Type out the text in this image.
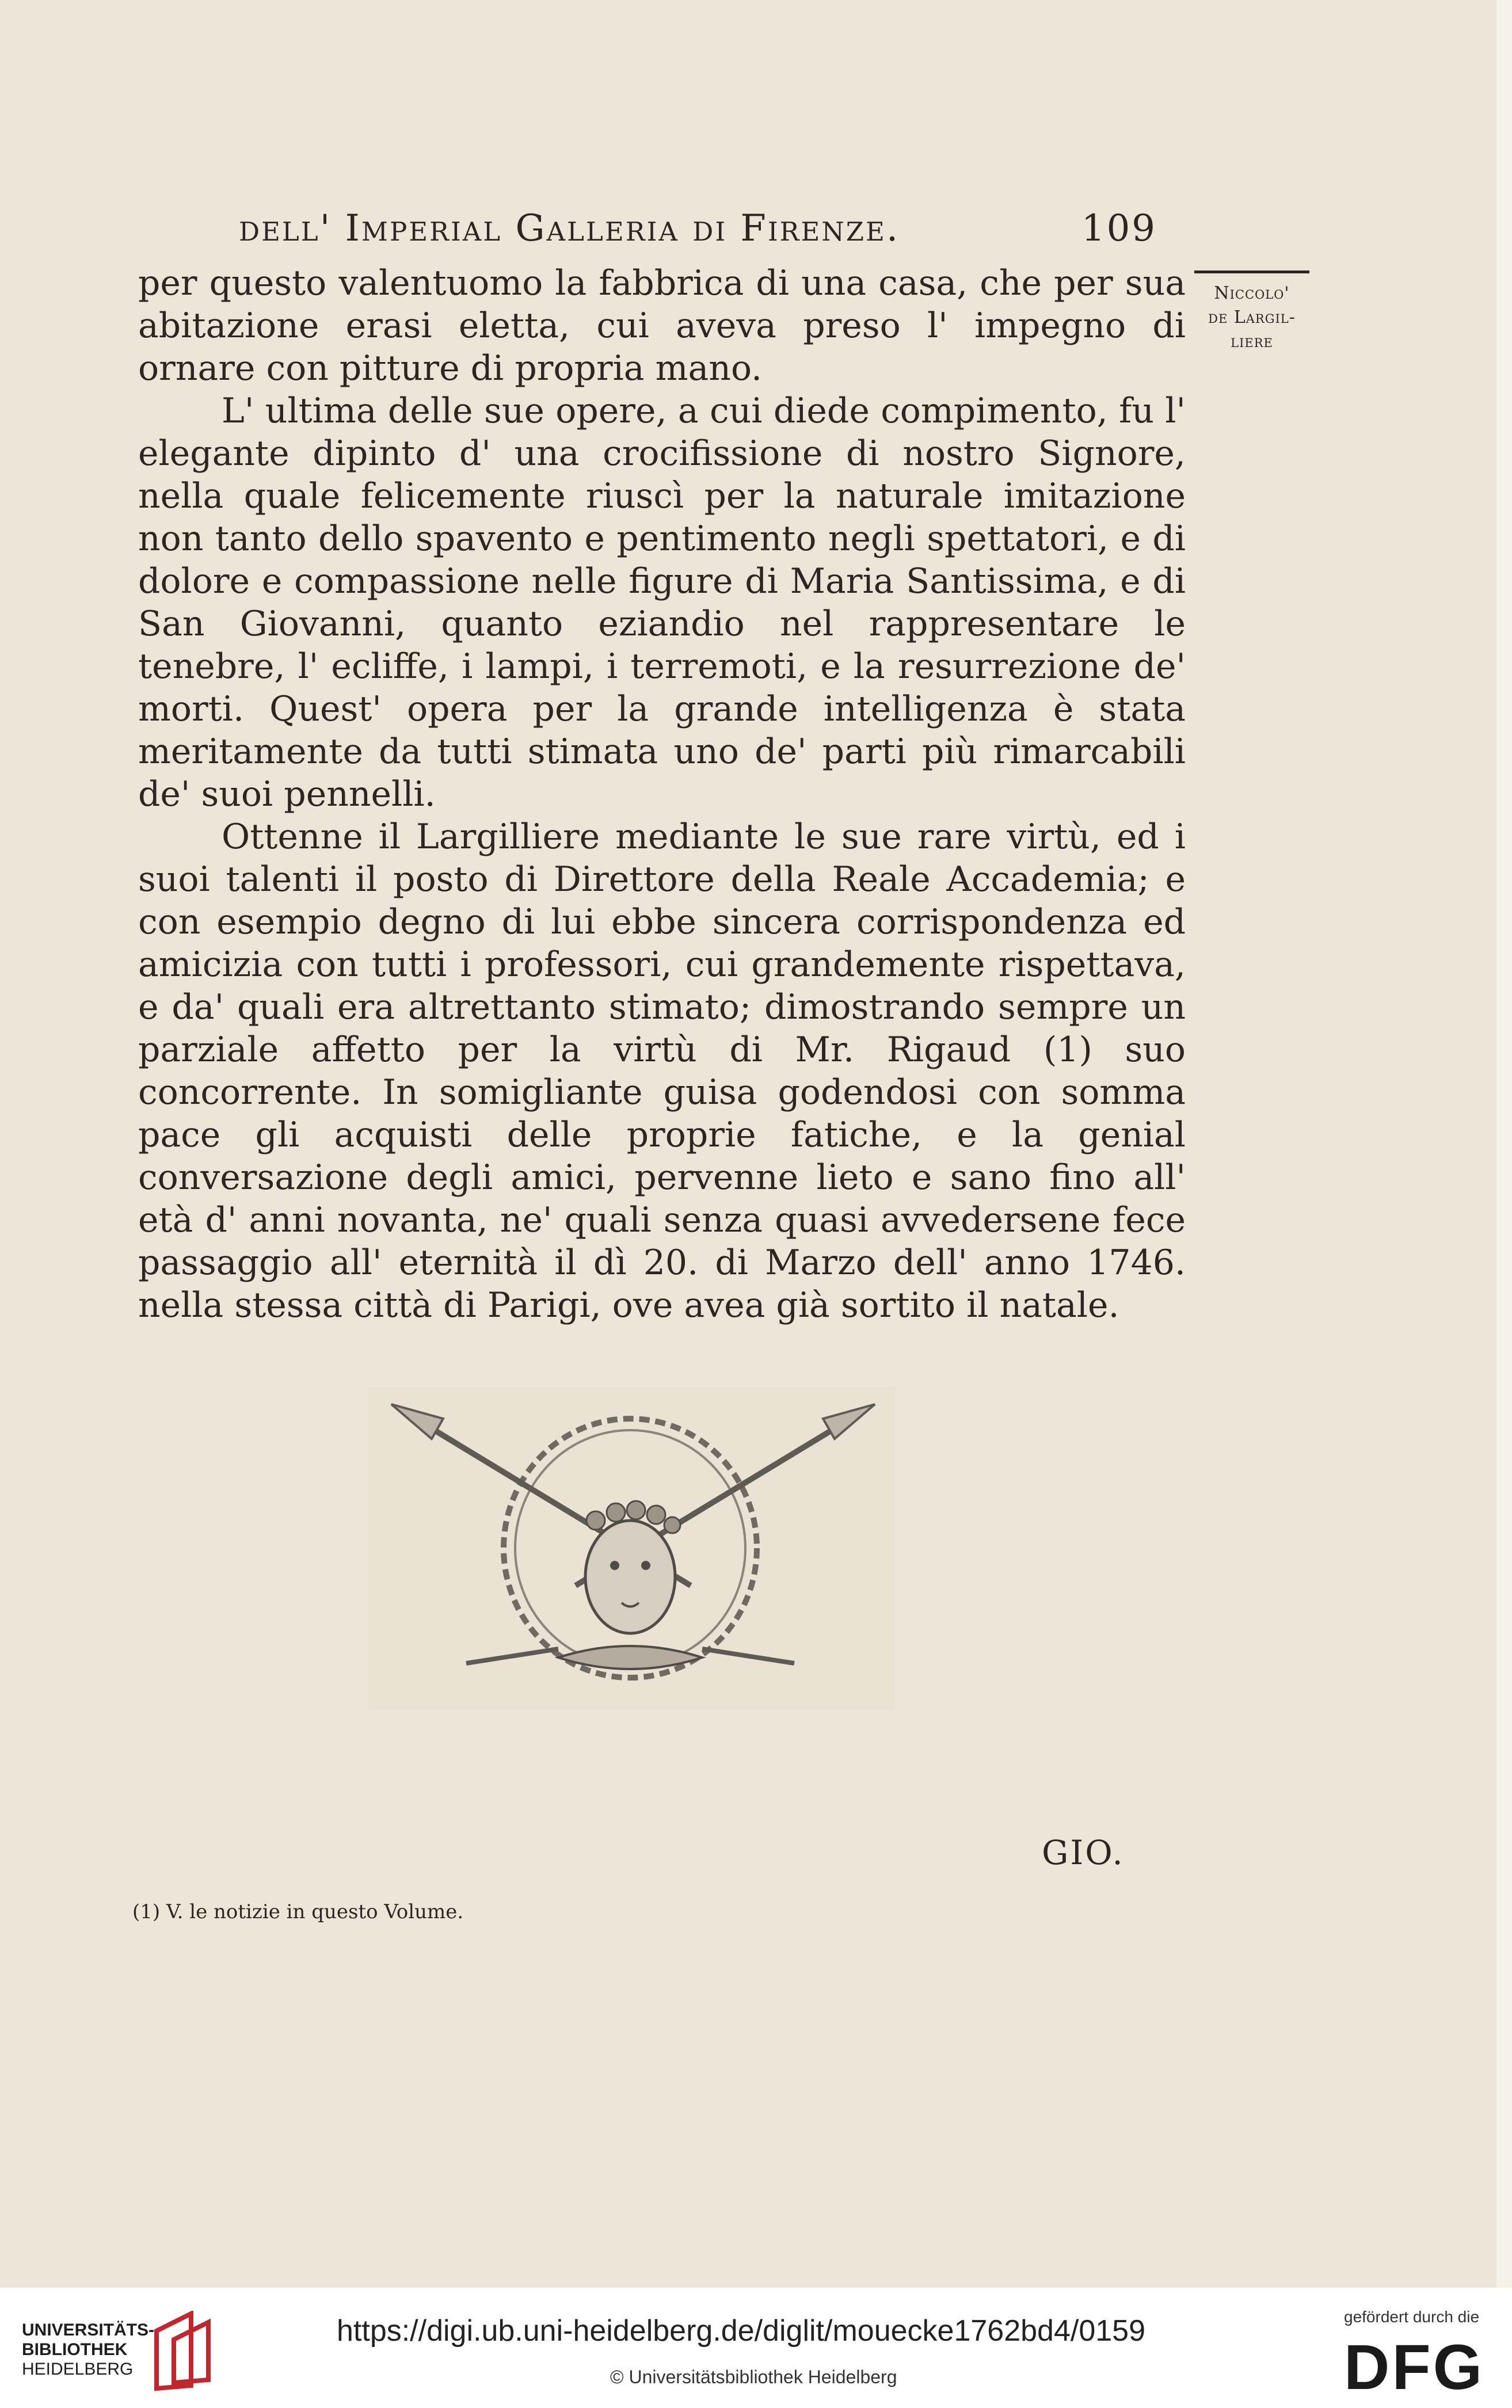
dell' Imperial Galleria di Firenze.	109
Niccolo'
de Largil-
liere

per questo valentuomo la fabbrica di una casa, che per sua abitazione erasi eletta, cui aveva preso l' impegno di ornare con pitture di propria mano.

L' ultima delle sue opere, a cui diede compimento, fu l' elegante dipinto d' una crocifissione di nostro Signore, nella quale felicemente riuscì per la naturale imitazione non tanto dello spavento e pentimento negli spettatori, e di dolore e compassione nelle figure di Maria Santissima, e di San Giovanni, quanto eziandio nel rappresentare le tenebre, l' ecliffe, i lampi, i terremoti, e la resurrezione de' morti. Quest' opera per la grande intelligenza è stata meritamente da tutti stimata uno de' parti più rimarcabili de' suoi pennelli.

Ottenne il Largilliere mediante le sue rare virtù, ed i suoi talenti il posto di Direttore della Reale Accademia; e con esempio degno di lui ebbe sincera corrispondenza ed amicizia con tutti i professori, cui grandemente rispettava, e da' quali era altrettanto stimato; dimostrando sempre un parziale affetto per la virtù di Mr. Rigaud (1) suo concorrente. In somigliante guisa godendosi con somma pace gli acquisti delle proprie fatiche, e la genial conversazione degli amici, pervenne lieto e sano fino all' età d' anni novanta, ne' quali senza quasi avvedersene fece passaggio all' eternità il dì 20. di Marzo dell' anno 1746. nella stessa città di Parigi, ove avea già sortito il natale.

GIO.
(1) V. le notizie in questo Volume.
UNIVERSITÄTS-
BIBLIOTHEK
HEIDELBERG
https://digi.ub.uni-heidelberg.de/diglit/mouecke1762bd4/0159
© Universitätsbibliothek Heidelberg
gefördert durch die
DFG
